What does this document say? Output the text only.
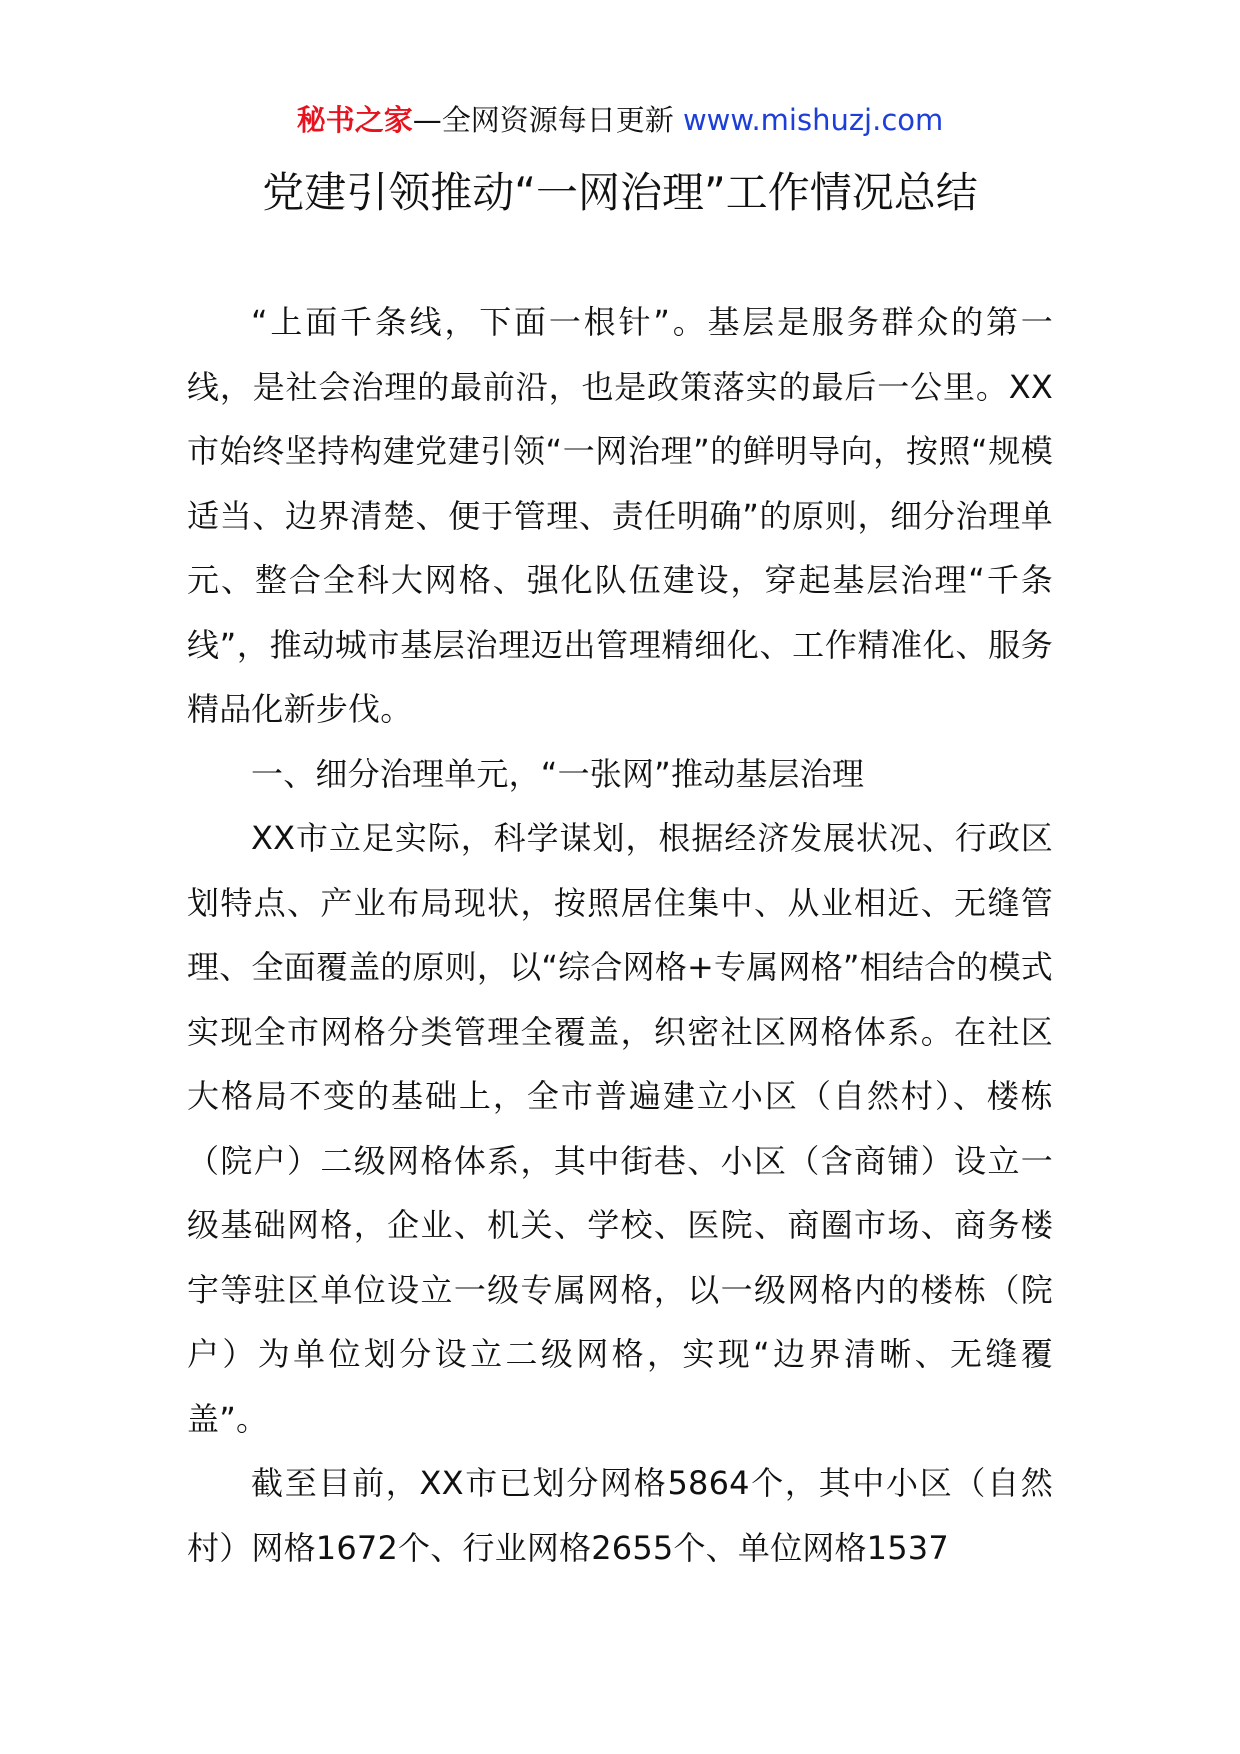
秘书之家—全网资源每日更新 www.mishuzj.com
党建引领推动“一网治理”工作情况总结

“上面千条线，下面一根针”。基层是服务群众的第一线，是社会治理的最前沿，也是政策落实的最后一公里。XX市始终坚持构建党建引领“一网治理”的鲜明导向，按照“规模适当、边界清楚、便于管理、责任明确”的原则，细分治理单元、整合全科大网格、强化队伍建设，穿起基层治理“千条线”，推动城市基层治理迈出管理精细化、工作精准化、服务精品化新步伐。

一、细分治理单元，“一张网”推动基层治理

XX市立足实际，科学谋划，根据经济发展状况、行政区划特点、产业布局现状，按照居住集中、从业相近、无缝管理、全面覆盖的原则，以“综合网格+专属网格”相结合的模式实现全市网格分类管理全覆盖，织密社区网格体系。在社区大格局不变的基础上，全市普遍建立小区（自然村）、楼栋（院户）二级网格体系，其中街巷、小区（含商铺）设立一级基础网格，企业、机关、学校、医院、商圈市场、商务楼宇等驻区单位设立一级专属网格，以一级网格内的楼栋（院户）为单位划分设立二级网格，实现“边界清晰、无缝覆盖”。

截至目前，XX市已划分网格5864个，其中小区（自然村）网格1672个、行业网格2655个、单位网格1537
